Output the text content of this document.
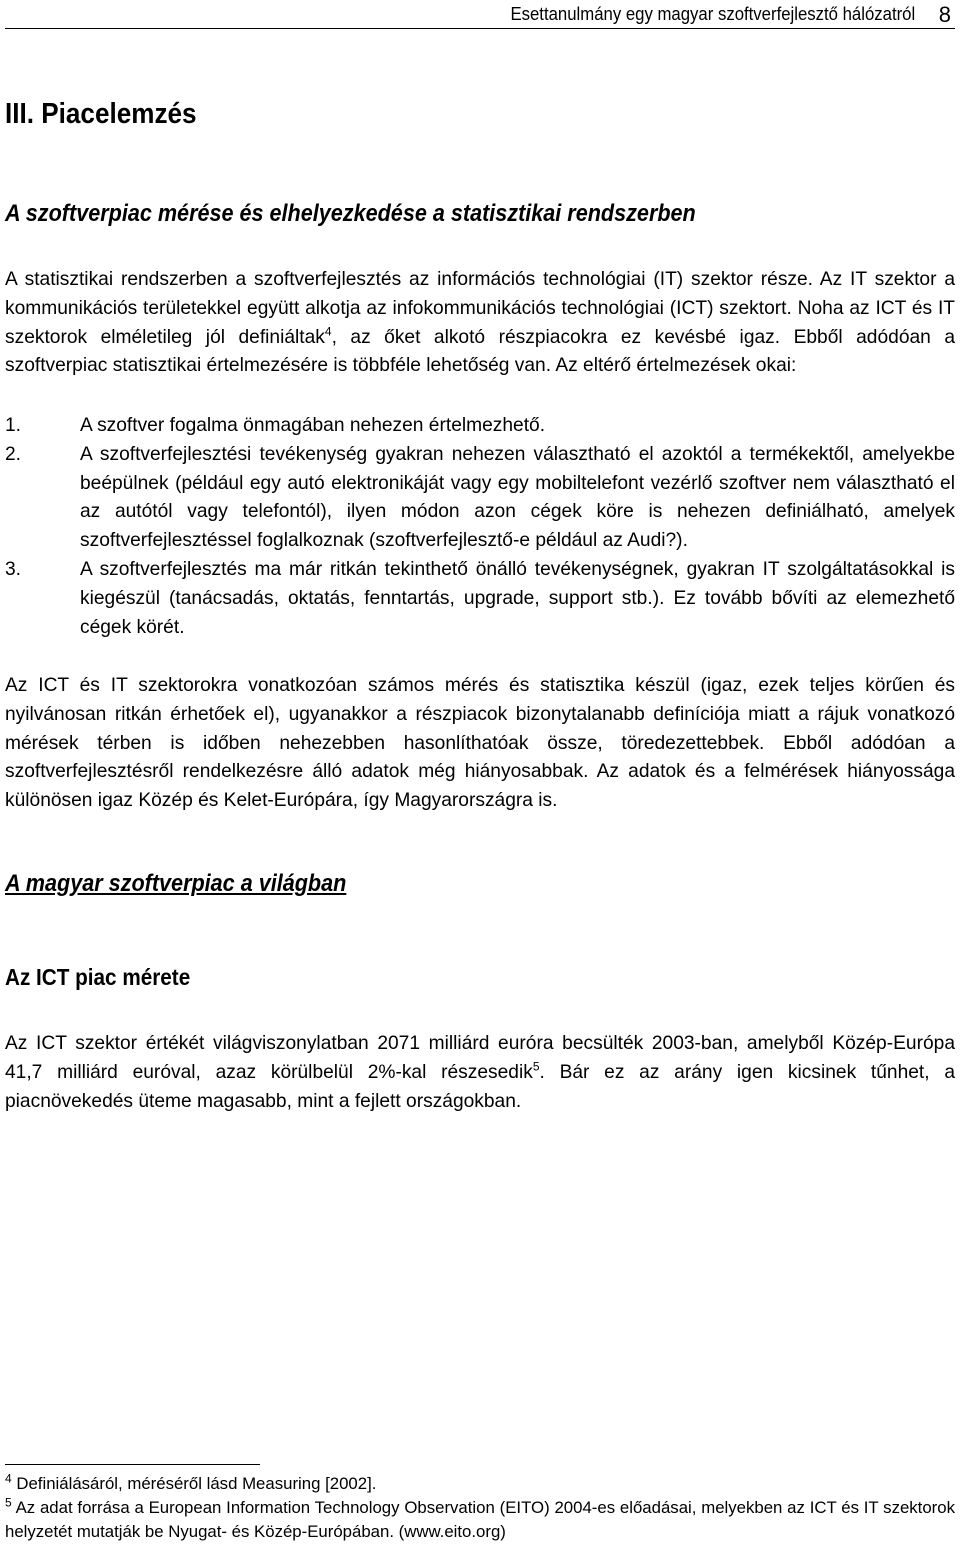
Esettanulmány egy magyar szoftverfejlesztő hálózatról 8
III. Piacelemzés
A szoftverpiac mérése és elhelyezkedése a statisztikai rendszerben

A statisztikai rendszerben a szoftverfejlesztés az információs technológiai (IT) szektor része. Az IT szektor a kommunikációs területekkel együtt alkotja az infokommunikációs technológiai (ICT) szektort. Noha az ICT és IT szektorok elméletileg jól definiáltak$^4$, az őket alkotó részpiacokra ez kevésbé igaz. Ebből adódóan a szoftverpiac statisztikai értelmezésére is többféle lehetőség van. Az eltérő értelmezések okai:

1.	A szoftver fogalma önmagában nehezen értelmezhető.
2.	A szoftverfejlesztési tevékenység gyakran nehezen választható el azoktól a termékektől, amelyekbe beépülnek (például egy autó elektronikáját vagy egy mobiltelefont vezérlő szoftver nem választható el az autótól vagy telefontól), ilyen módon azon cégek köre is nehezen definiálható, amelyek szoftverfejlesztéssel foglalkoznak (szoftverfejlesztő-e például az Audi?).
3.	A szoftverfejlesztés ma már ritkán tekinthető önálló tevékenységnek, gyakran IT szolgáltatásokkal is kiegészül (tanácsadás, oktatás, fenntartás, upgrade, support stb.). Ez tovább bővíti az elemezhető cégek körét.

Az ICT és IT szektorokra vonatkozóan számos mérés és statisztika készül (igaz, ezek teljes körűen és nyilvánosan ritkán érhetőek el), ugyanakkor a részpiacok bizonytalanabb definíciója miatt a rájuk vonatkozó mérések térben is időben nehezebben hasonlíthatóak össze, töredezettebbek. Ebből adódóan a szoftverfejlesztésről rendelkezésre álló adatok még hiányosabbak. Az adatok és a felmérések hiányossága különösen igaz Közép és Kelet-Európára, így Magyarországra is.

A magyar szoftverpiac a világban
Az ICT piac mérete

Az ICT szektor értékét világviszonylatban 2071 milliárd euróra becsülték 2003-ban, amelyből Közép-Európa 41,7 milliárd euróval, azaz körülbelül 2%-kal részesedik$^5$. Bár ez az arány igen kicsinek tűnhet, a piacnövekedés üteme magasabb, mint a fejlett országokban.

$^4$ Definiálásáról, méréséről lásd Measuring [2002].

$^5$ Az adat forrása a European Information Technology Observation (EITO) 2004-es előadásai, melyekben az ICT és IT szektorok helyzetét mutatják be Nyugat- és Közép-Európában. (www.eito.org)
